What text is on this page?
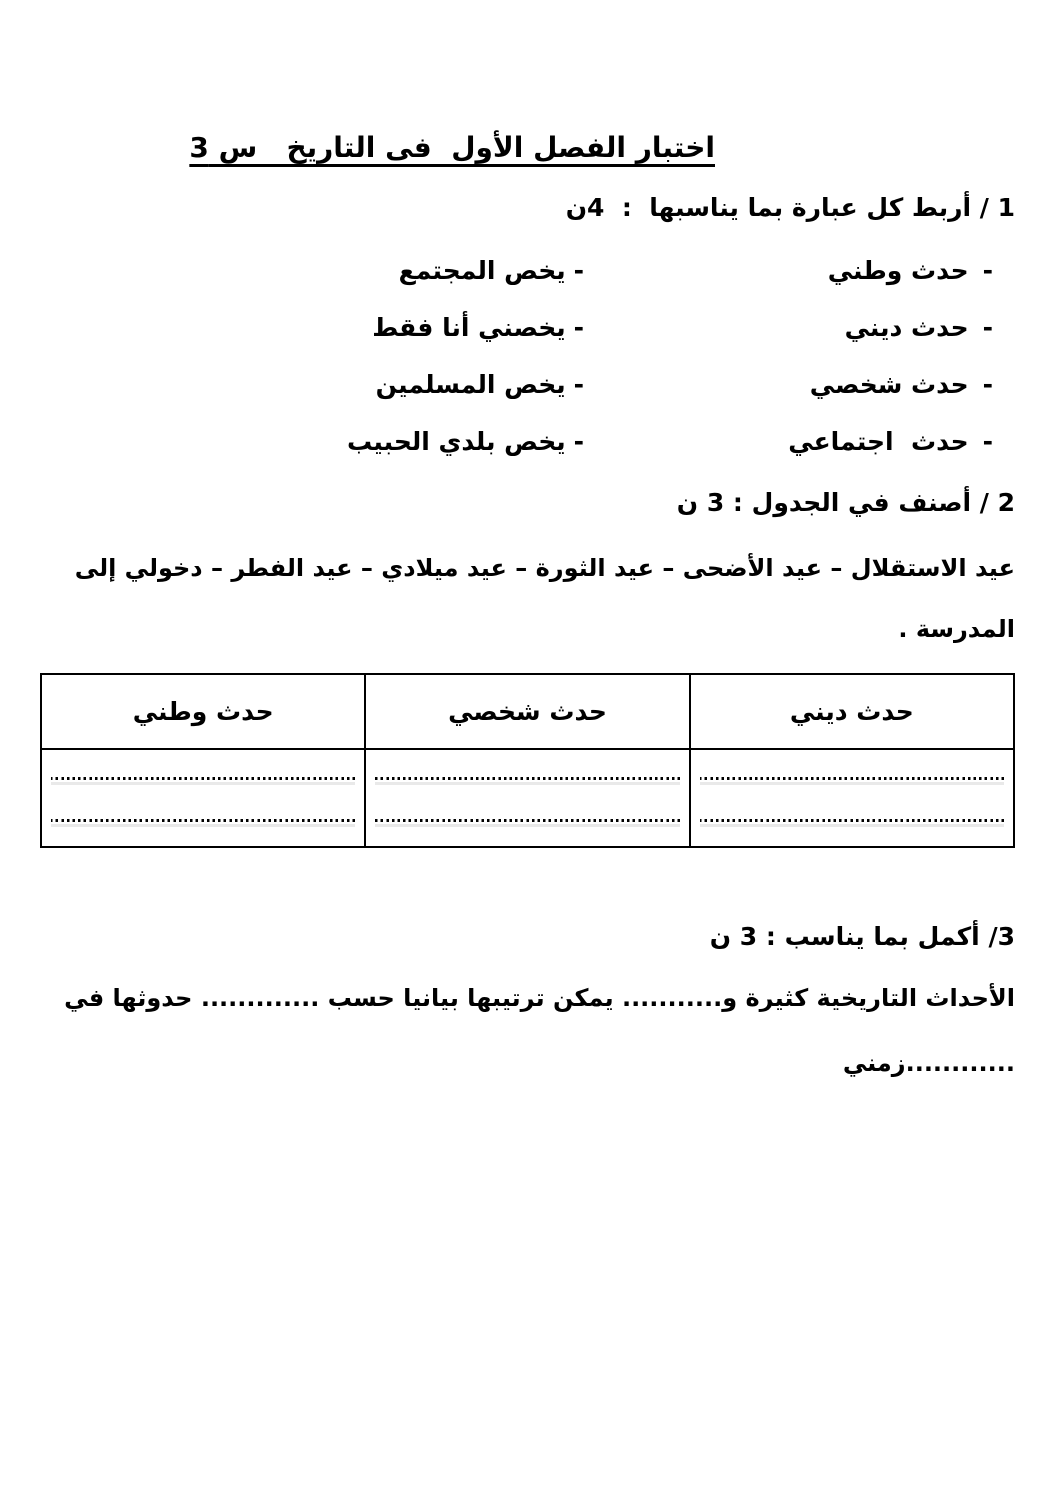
اختبار الفصل الأول  فى التاريخ   س 3
1 / أربط كل عبارة بما يناسبها  :  4ن
-حدث وطني
-يخص المجتمع
-حدث ديني
-يخصني أنا فقط
-حدث شخصي
-يخص المسلمين
-حدث  اجتماعي
-يخص بلدي الحبيب
2 / أصنف في الجدول : 3 ن
عيد الاستقلال – عيد الأضحى – عيد الثورة – عيد ميلادي – عيد الفطر – دخولي إلى
المدرسة .
حدث ديني	حدث شخصي	حدث وطني

3/ أكمل بما يناسب : 3 ن
الأحداث التاريخية كثيرة و........... يمكن ترتيبها بيانيا حسب ............. حدوثها في
............زمني
